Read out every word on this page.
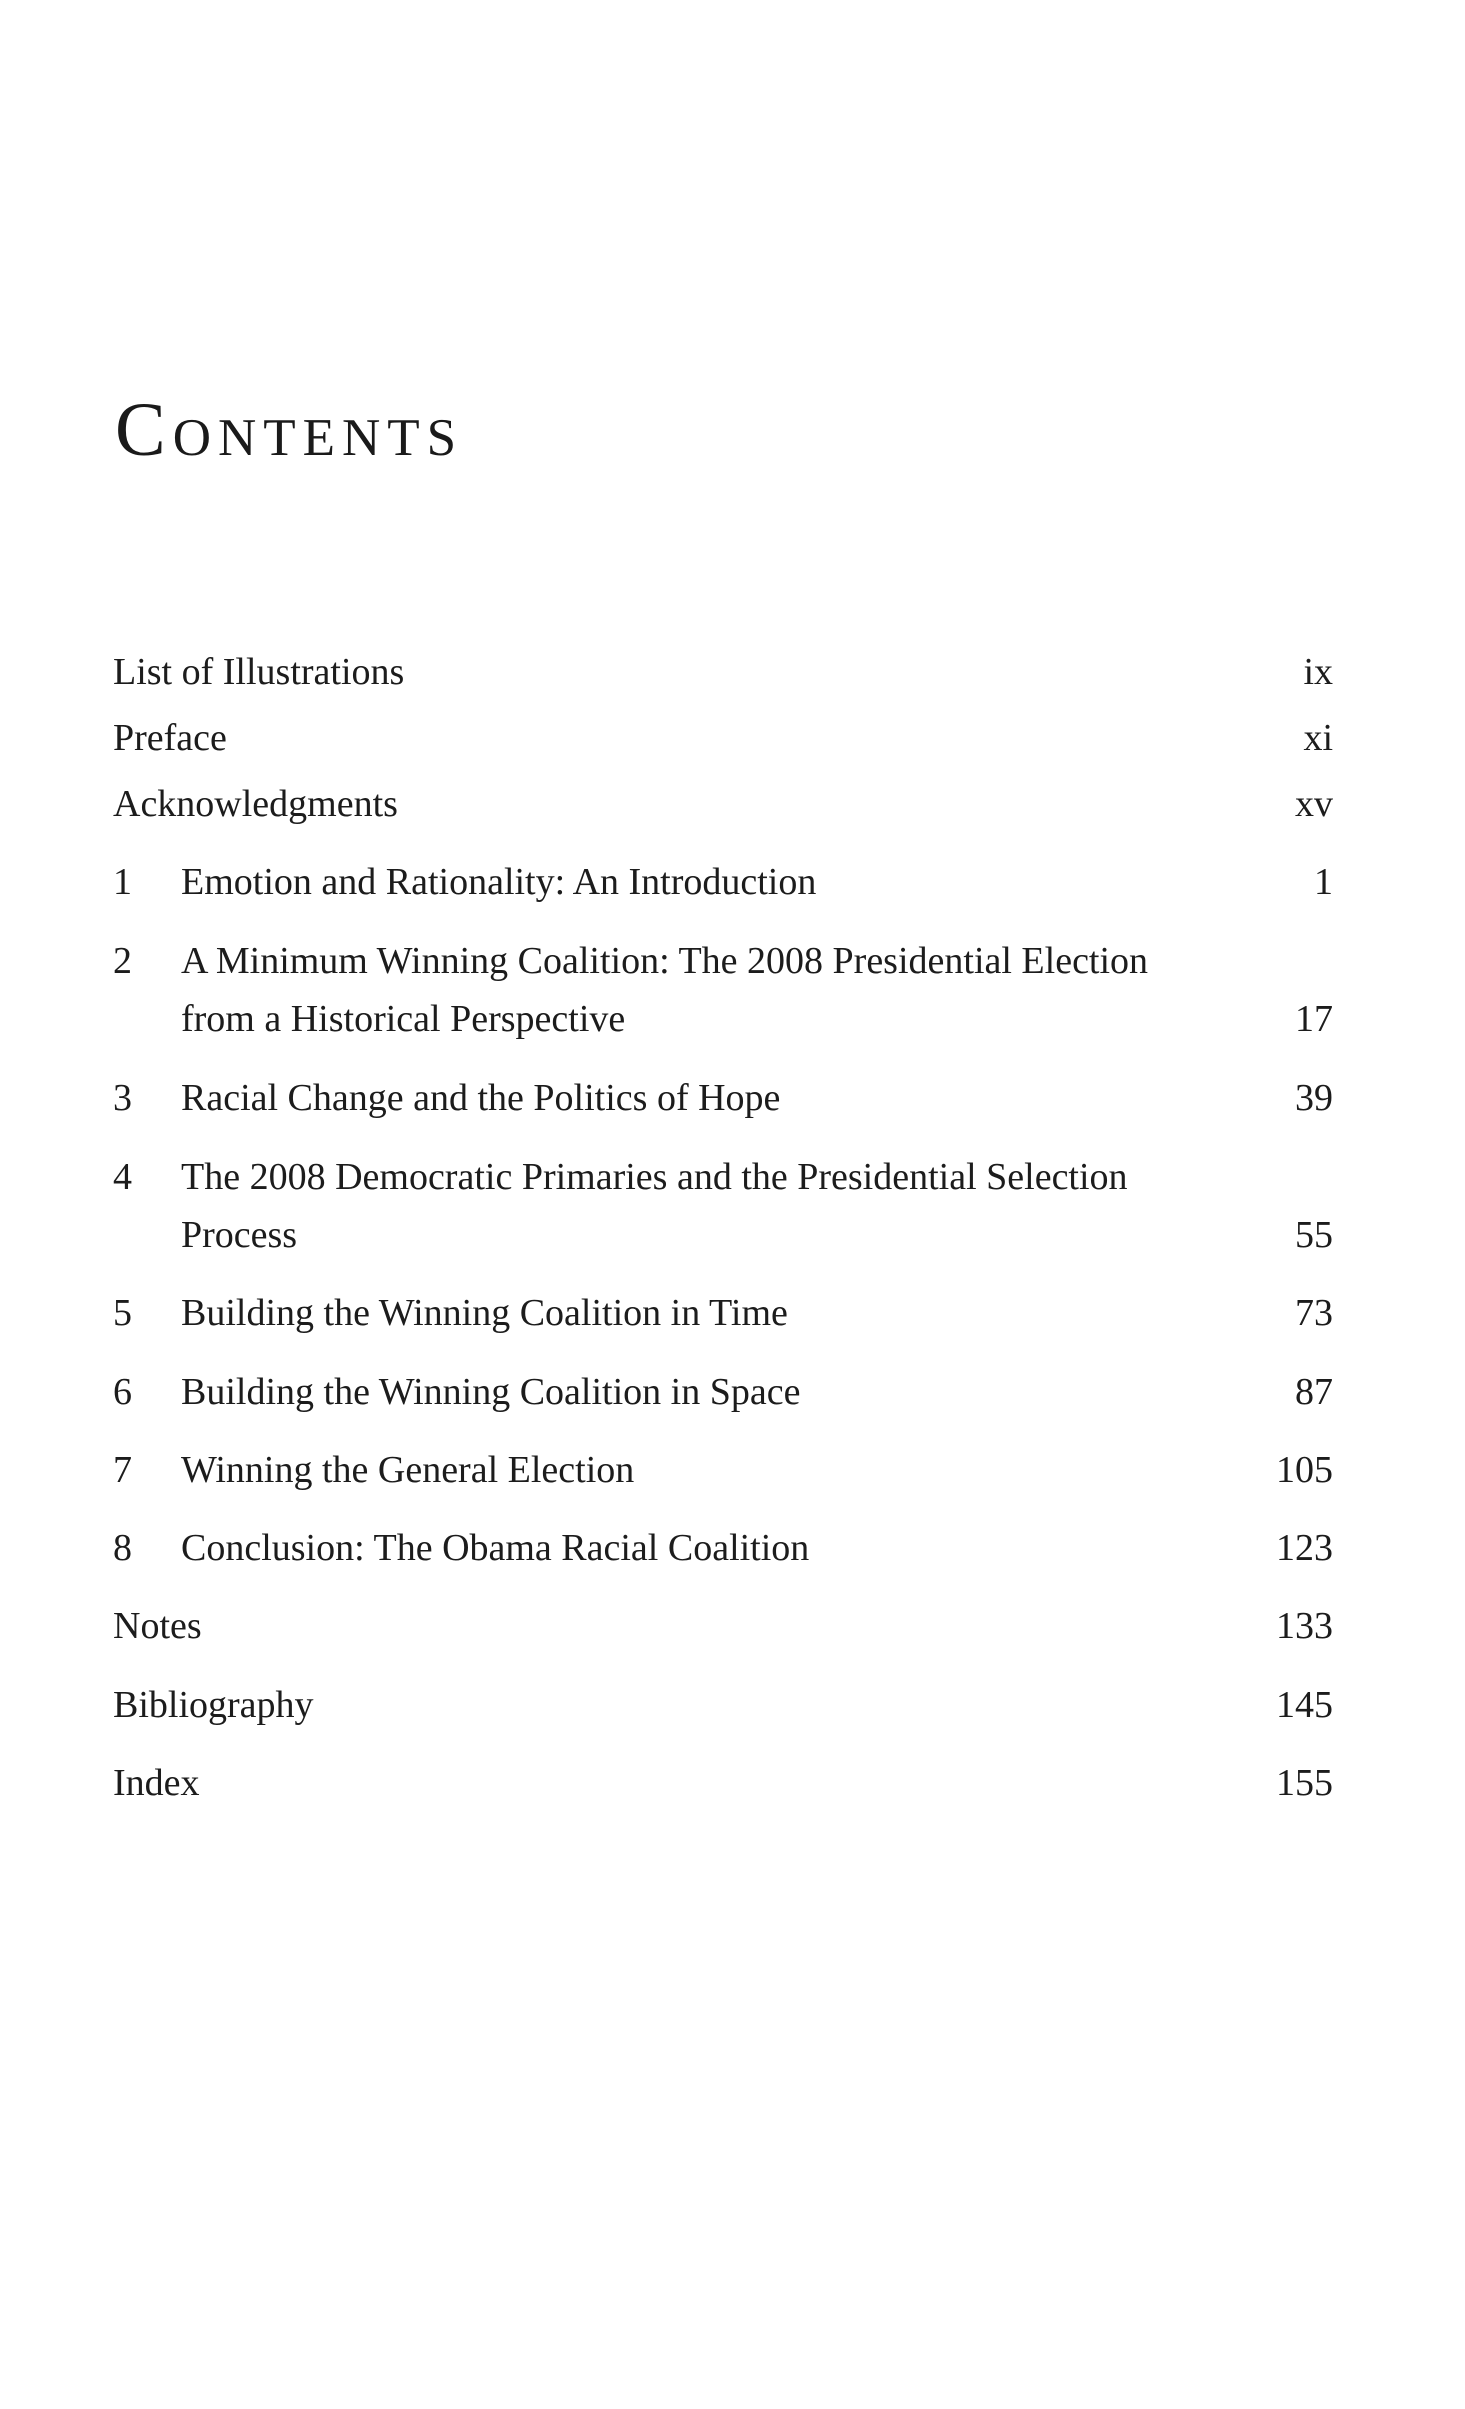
Contents
List of Illustrations	ix
Preface	xi
Acknowledgments	xv
1	Emotion and Rationality: An Introduction	1
2	A Minimum Winning Coalition: The 2008 Presidential Election from a Historical Perspective	17
3	Racial Change and the Politics of Hope	39
4	The 2008 Democratic Primaries and the Presidential Selection Process	55
5	Building the Winning Coalition in Time	73
6	Building the Winning Coalition in Space	87
7	Winning the General Election	105
8	Conclusion: The Obama Racial Coalition	123
Notes	133
Bibliography	145
Index	155
